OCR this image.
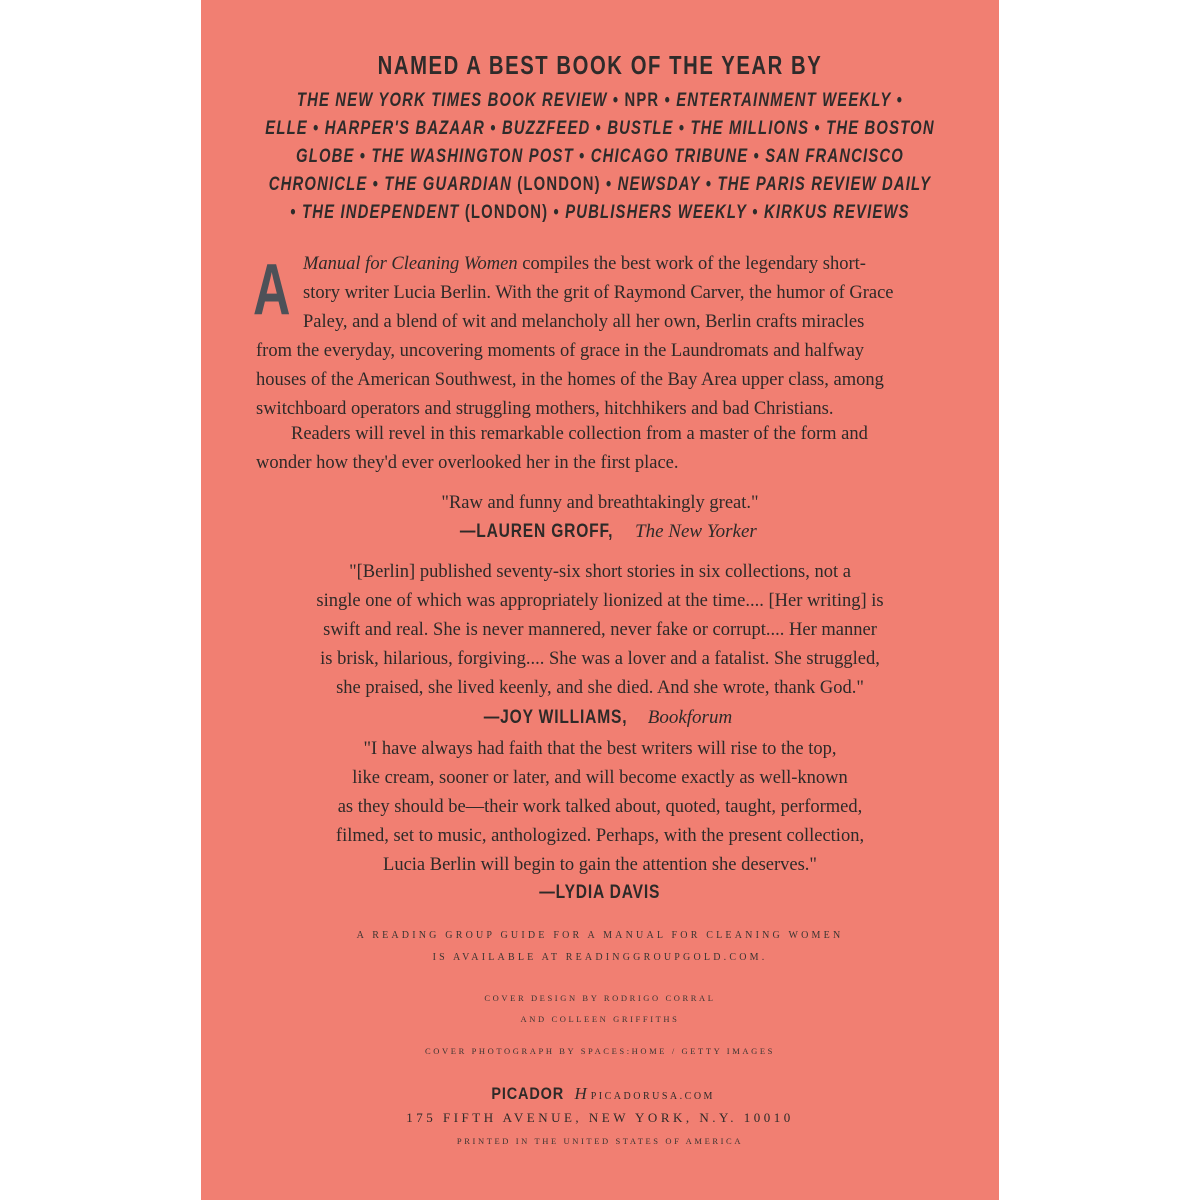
NAMED A BEST BOOK OF THE YEAR BY
THE NEW YORK TIMES BOOK REVIEW • NPR • ENTERTAINMENT WEEKLY •
ELLE • HARPER'S BAZAAR • BUZZFEED • BUSTLE • THE MILLIONS • THE BOSTON
GLOBE • THE WASHINGTON POST • CHICAGO TRIBUNE • SAN FRANCISCO
CHRONICLE • THE GUARDIAN (LONDON) • NEWSDAY • THE PARIS REVIEW DAILY
• THE INDEPENDENT (LONDON) • PUBLISHERS WEEKLY • KIRKUS REVIEWS
A Manual for Cleaning Women compiles the best work of the legendary short-
story writer Lucia Berlin. With the grit of Raymond Carver, the humor of Grace
Paley, and a blend of wit and melancholy all her own, Berlin crafts miracles
from the everyday, uncovering moments of grace in the Laundromats and halfway
houses of the American Southwest, in the homes of the Bay Area upper class, among
switchboard operators and struggling mothers, hitchhikers and bad Christians.
Readers will revel in this remarkable collection from a master of the form and
wonder how they'd ever overlooked her in the first place.
"Raw and funny and breathtakingly great."
—LAUREN GROFF, The New Yorker
"[Berlin] published seventy-six short stories in six collections, not a
single one of which was appropriately lionized at the time.... [Her writing] is
swift and real. She is never mannered, never fake or corrupt.... Her manner
is brisk, hilarious, forgiving.... She was a lover and a fatalist. She struggled,
she praised, she lived keenly, and she died. And she wrote, thank God."
—JOY WILLIAMS, Bookforum
"I have always had faith that the best writers will rise to the top,
like cream, sooner or later, and will become exactly as well-known
as they should be—their work talked about, quoted, taught, performed,
filmed, set to music, anthologized. Perhaps, with the present collection,
Lucia Berlin will begin to gain the attention she deserves."
—LYDIA DAVIS
A READING GROUP GUIDE FOR A MANUAL FOR CLEANING WOMEN
IS AVAILABLE AT READINGGROUPGOLD.COM.
COVER DESIGN BY RODRIGO CORRAL
AND COLLEEN GRIFFITHS
COVER PHOTOGRAPH BY SPACES:HOME / GETTY IMAGES
PICADOR H PICADORUSA.COM
175 FIFTH AVENUE, NEW YORK, N.Y. 10010
PRINTED IN THE UNITED STATES OF AMERICA
